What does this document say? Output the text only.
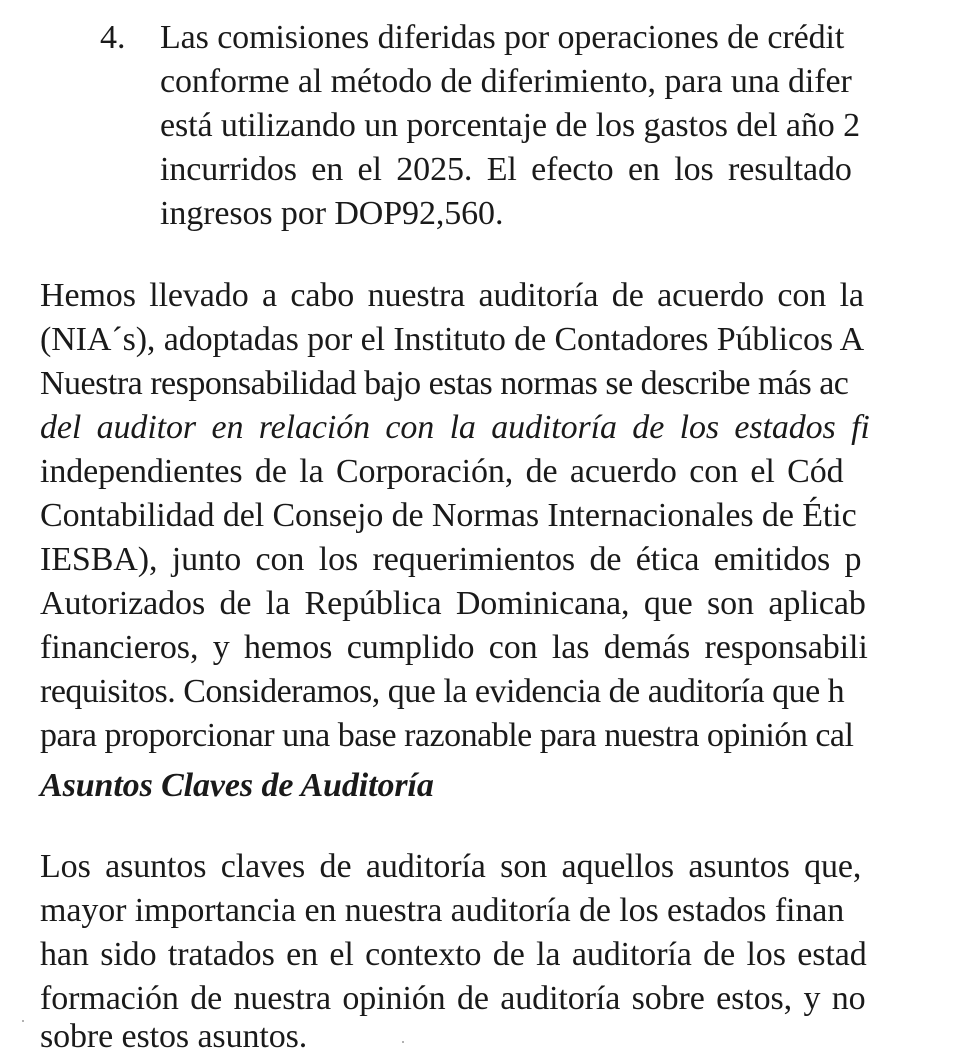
4. Las comisiones diferidas por operaciones de crédit
conforme al método de diferimiento, para una difer
está utilizando un porcentaje de los gastos del año 2
incurridos en el 2025. El efecto en los resultado
ingresos por DOP92,560.
Hemos llevado a cabo nuestra auditoría de acuerdo con la
(NIA´s), adoptadas por el Instituto de Contadores Públicos A
Nuestra responsabilidad bajo estas normas se describe más ac
del auditor en relación con la auditoría de los estados fi
independientes de la Corporación, de acuerdo con el Cód
Contabilidad del Consejo de Normas Internacionales de Étic
IESBA), junto con los requerimientos de ética emitidos p
Autorizados de la República Dominicana, que son aplicab
financieros, y hemos cumplido con las demás responsabili
requisitos. Consideramos, que la evidencia de auditoría que h
para proporcionar una base razonable para nuestra opinión cal
Asuntos Claves de Auditoría
Los asuntos claves de auditoría son aquellos asuntos que,
mayor importancia en nuestra auditoría de los estados finan
han sido tratados en el contexto de la auditoría de los estad
formación de nuestra opinión de auditoría sobre estos, y no
sobre estos asuntos.
